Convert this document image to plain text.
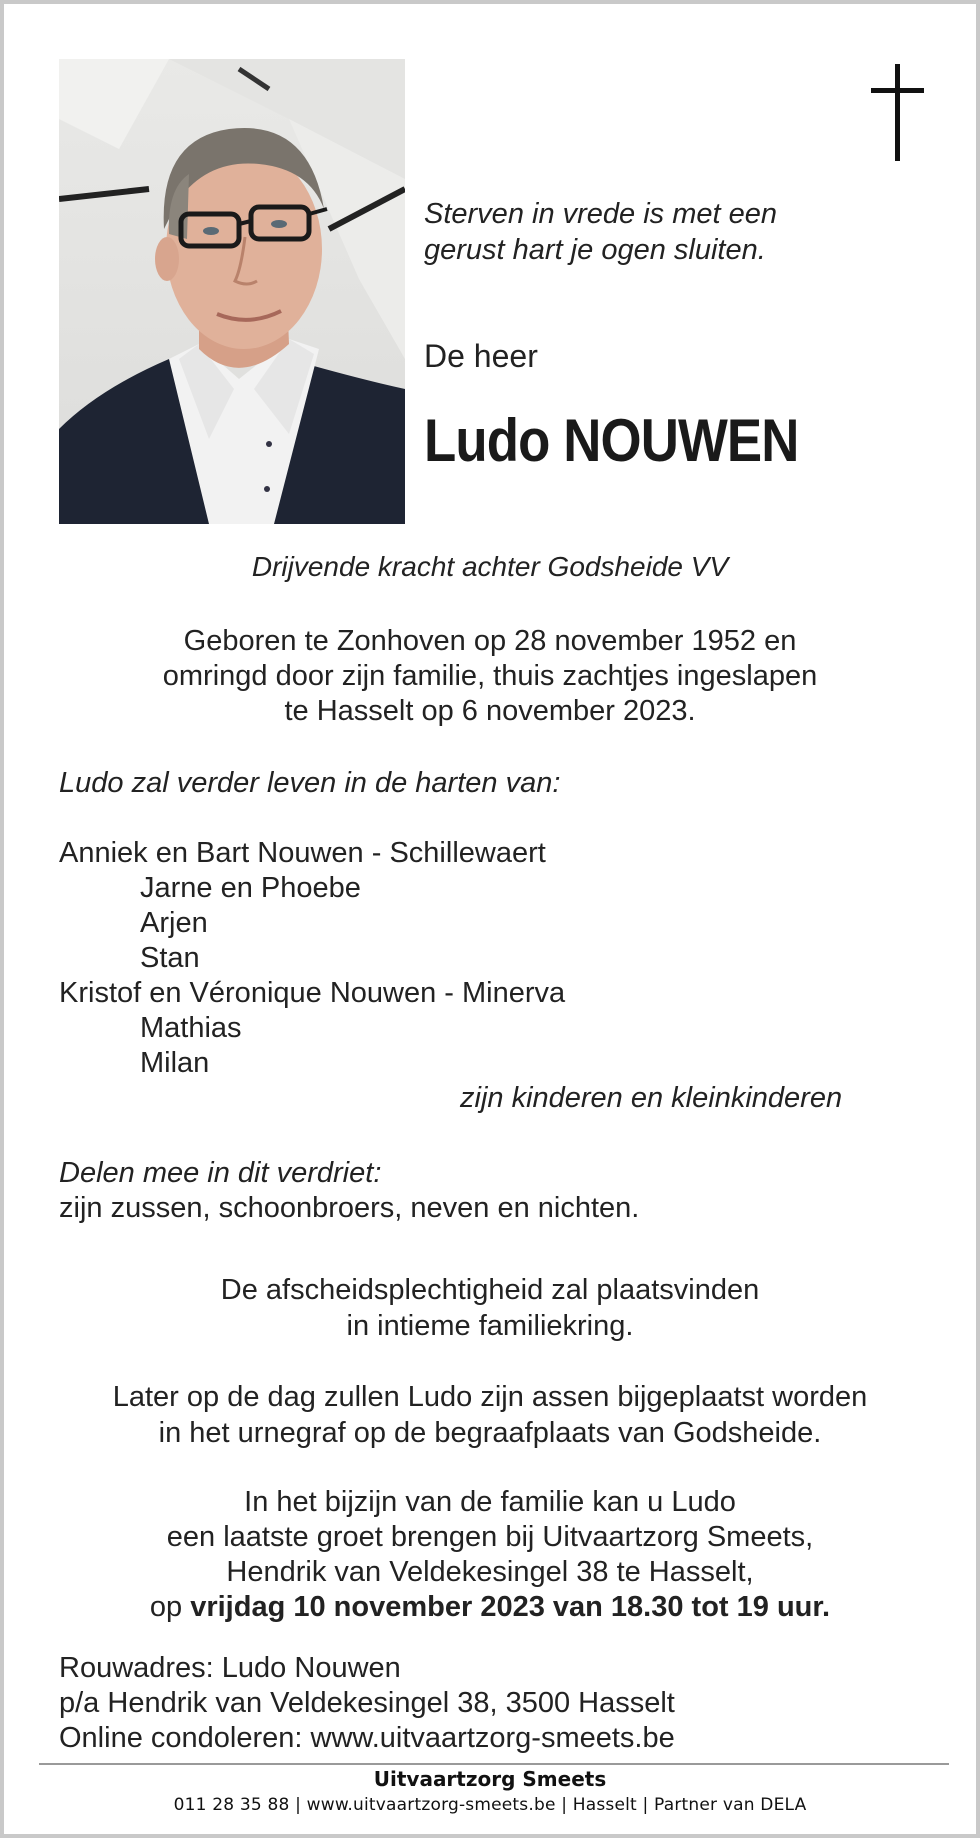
Sterven in vrede is met een
gerust hart je ogen sluiten.
De heer
Ludo NOUWEN
Drijvende kracht achter Godsheide VV
Geboren te Zonhoven op 28 november 1952 en
omringd door zijn familie, thuis zachtjes ingeslapen
te Hasselt op 6 november 2023.
Ludo zal verder leven in de harten van:
Anniek en Bart Nouwen - Schillewaert
Jarne en Phoebe
Arjen
Stan
Kristof en Véronique Nouwen - Minerva
Mathias
Milan
zijn kinderen en kleinkinderen
Delen mee in dit verdriet:
zijn zussen, schoonbroers, neven en nichten.
De afscheidsplechtigheid zal plaatsvinden
in intieme familiekring.
Later op de dag zullen Ludo zijn assen bijgeplaatst worden
in het urnegraf op de begraafplaats van Godsheide.
In het bijzijn van de familie kan u Ludo
een laatste groet brengen bij Uitvaartzorg Smeets,
Hendrik van Veldekesingel 38 te Hasselt,
op vrijdag 10 november 2023 van 18.30 tot 19 uur.
Rouwadres: Ludo Nouwen
p/a Hendrik van Veldekesingel 38, 3500 Hasselt
Online condoleren: www.uitvaartzorg-smeets.be
Uitvaartzorg Smeets
011 28 35 88 | www.uitvaartzorg-smeets.be | Hasselt | Partner van DELA
